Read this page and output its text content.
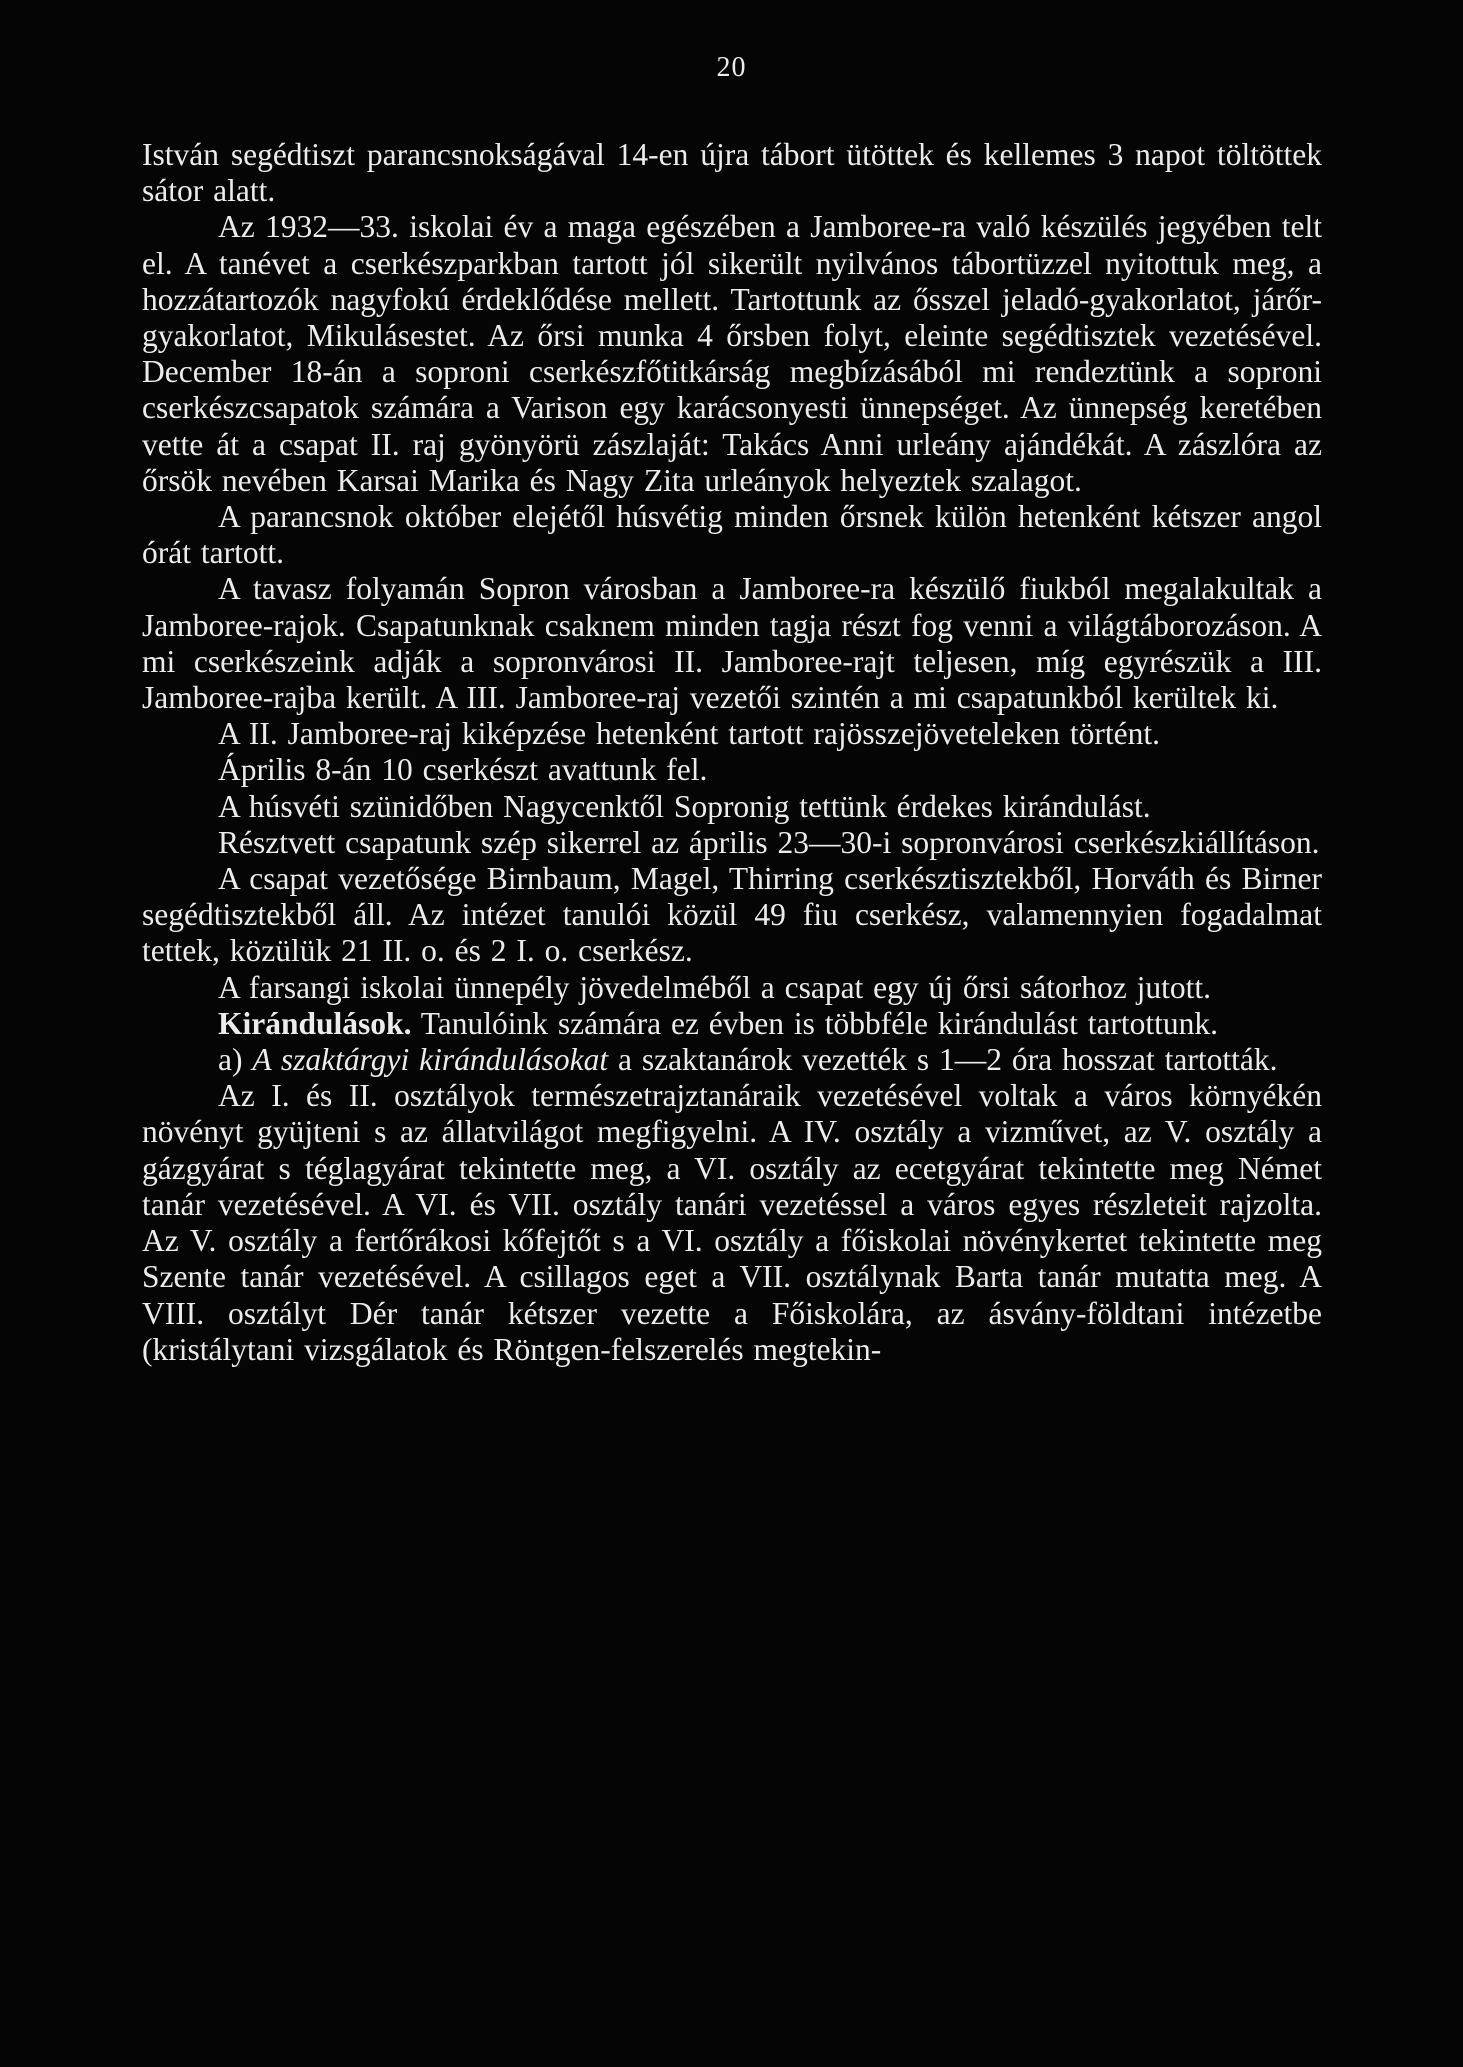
20

István segédtiszt parancsnokságával 14-en újra tábort ütöttek és kellemes 3 napot töltöttek sátor alatt.

Az 1932—33. iskolai év a maga egészében a Jamboree-ra való készülés jegyében telt el. A tanévet a cserkészparkban tartott jól sikerült nyilvános tábortüzzel nyitottuk meg, a hozzátartozók nagyfokú érdeklődése mellett. Tartottunk az ősszel jeladó-gyakorlatot, járőr-gyakorlatot, Mikulásestet. Az őrsi munka 4 őrsben folyt, eleinte segédtisztek vezetésével. December 18-án a soproni cserkészfőtitkárság megbízásából mi rendeztünk a soproni cserkészcsapatok számára a Varison egy karácsonyesti ünnepséget. Az ünnepség keretében vette át a csapat II. raj gyönyörü zászlaját: Takács Anni urleány ajándékát. A zászlóra az őrsök nevében Karsai Marika és Nagy Zita urleányok helyeztek szalagot.

A parancsnok október elejétől húsvétig minden őrsnek külön hetenként kétszer angol órát tartott.

A tavasz folyamán Sopron városban a Jamboree-ra készülő fiukból megalakultak a Jamboree-rajok. Csapatunknak csaknem minden tagja részt fog venni a világtáborozáson. A mi cserkészeink adják a sopronvárosi II. Jamboree-rajt teljesen, míg egyrészük a III. Jamboree-rajba került. A III. Jamboree-raj vezetői szintén a mi csapatunkból kerültek ki.

A II. Jamboree-raj kiképzése hetenként tartott rajösszejöveteleken történt.

Április 8-án 10 cserkészt avattunk fel.

A húsvéti szünidőben Nagycenktől Sopronig tettünk érdekes kirándulást.

Résztvett csapatunk szép sikerrel az április 23—30-i sopronvárosi cserkészkiállításon.

A csapat vezetősége Birnbaum, Magel, Thirring cserkésztisztekből, Horváth és Birner segédtisztekből áll. Az intézet tanulói közül 49 fiu cserkész, valamennyien fogadalmat tettek, közülük 21 II. o. és 2 I. o. cserkész.

A farsangi iskolai ünnepély jövedelméből a csapat egy új őrsi sátorhoz jutott.

Kirándulások. Tanulóink számára ez évben is többféle kirándulást tartottunk.

a) A szaktárgyi kirándulásokat a szaktanárok vezették s 1—2 óra hosszat tartották.

Az I. és II. osztályok természetrajztanáraik vezetésével voltak a város környékén növényt gyüjteni s az állatvilágot megfigyelni. A IV. osztály a vizművet, az V. osztály a gázgyárat s téglagyárat tekintette meg, a VI. osztály az ecetgyárat tekintette meg Német tanár vezetésével. A VI. és VII. osztály tanári vezetéssel a város egyes részleteit rajzolta. Az V. osztály a fertőrákosi kőfejtőt s a VI. osztály a főiskolai növénykertet tekintette meg Szente tanár vezetésével. A csillagos eget a VII. osztálynak Barta tanár mutatta meg. A VIII. osztályt Dér tanár kétszer vezette a Főiskolára, az ásvány-földtani intézetbe (kristálytani vizsgálatok és Röntgen-felszerelés megtekin-
